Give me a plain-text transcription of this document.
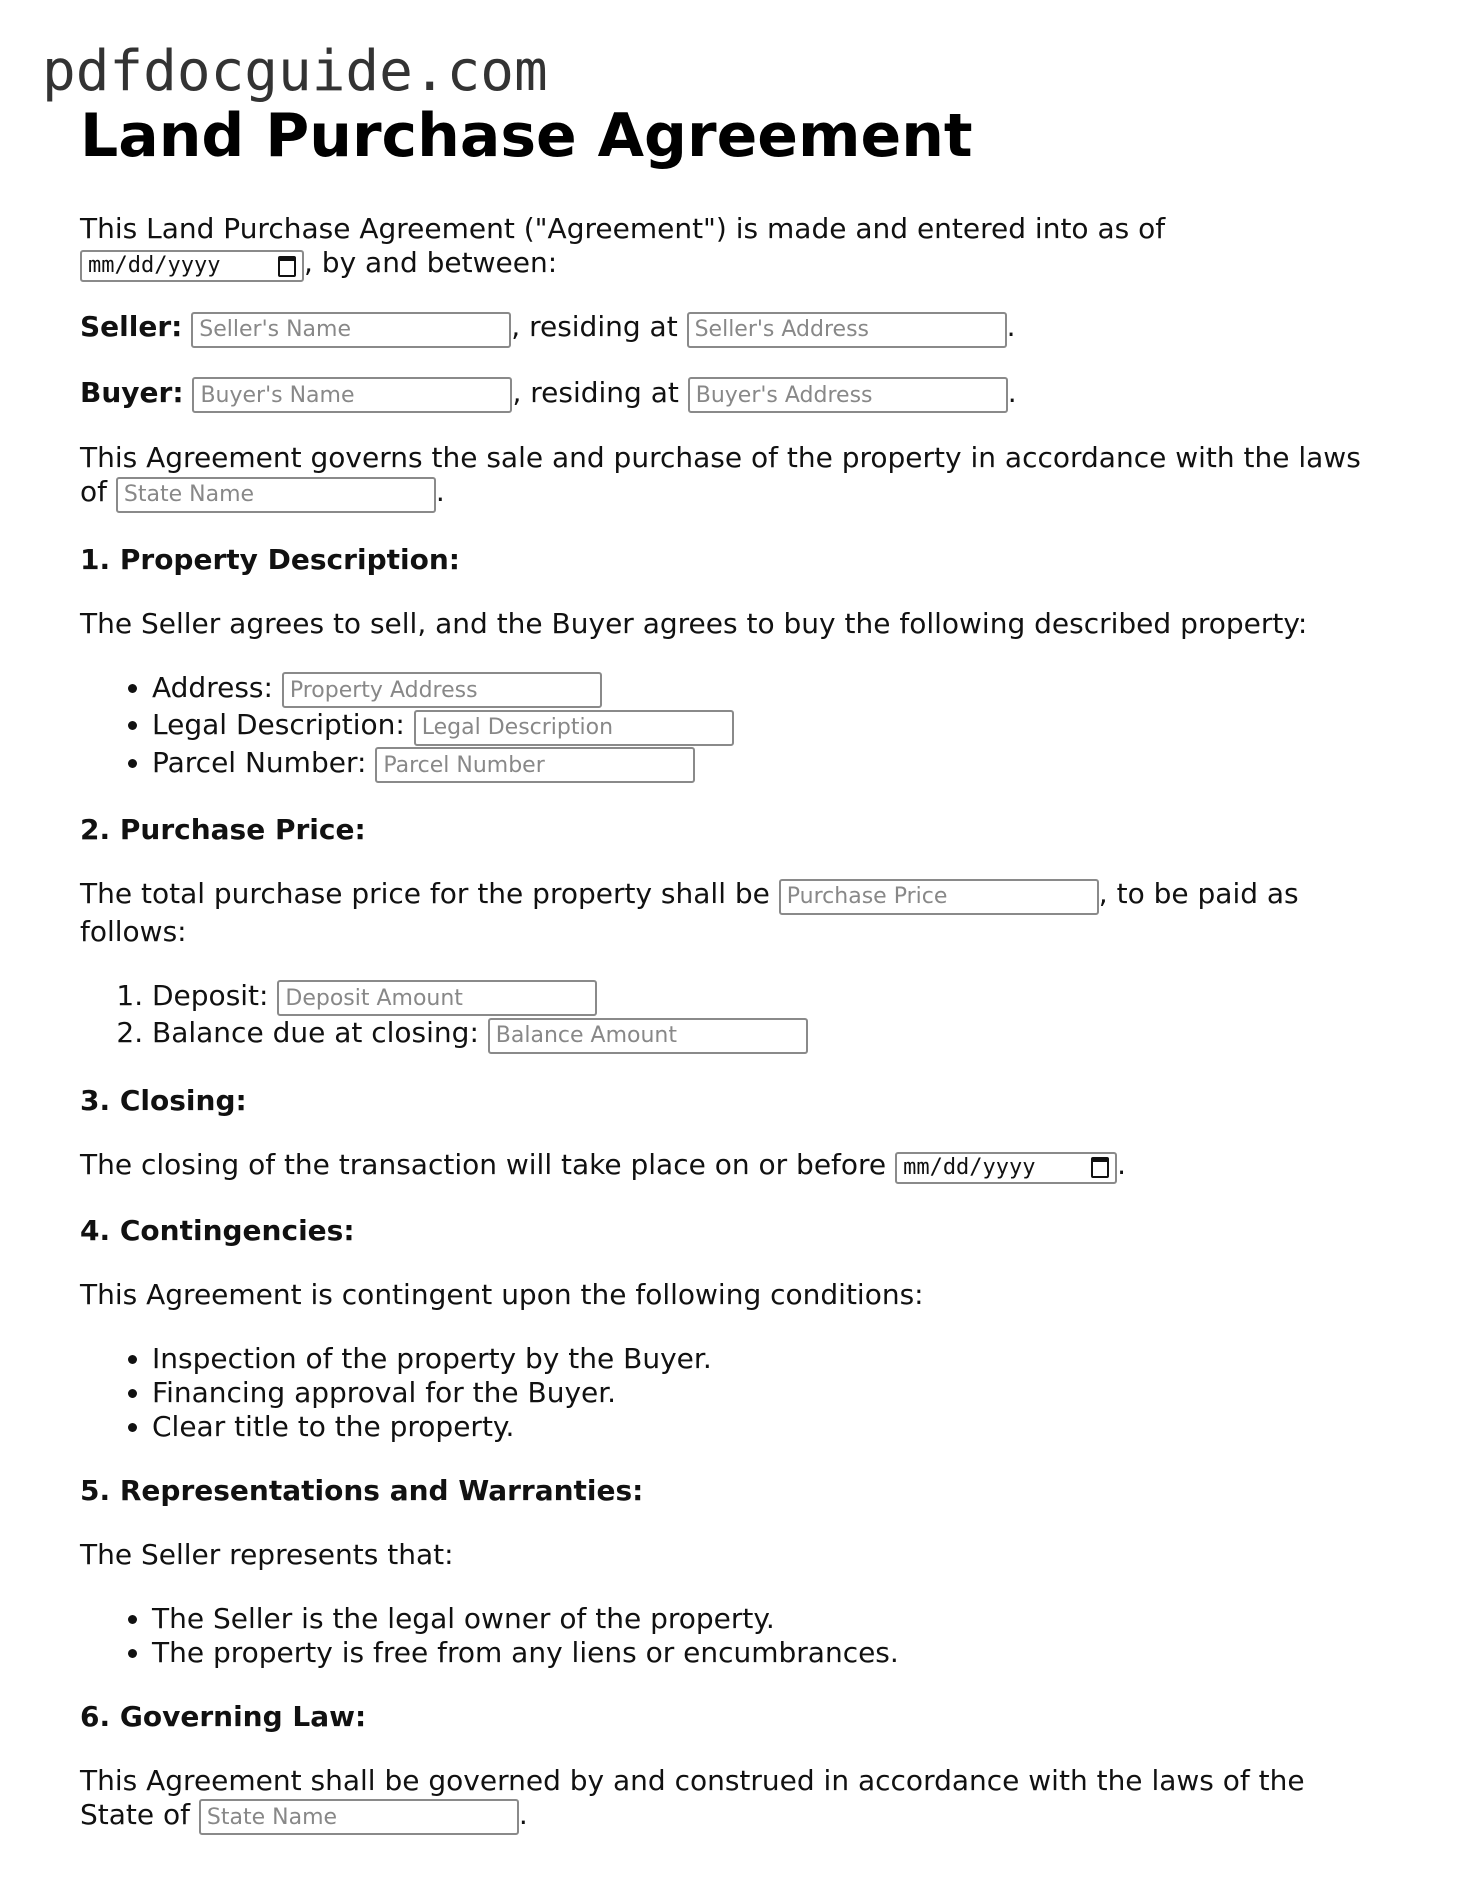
pdfdocguide.com
Land Purchase Agreement

This Land Purchase Agreement ("Agreement") is made and entered into as of

mm/dd/yyyy	, by and between:

Seller: Seller's Name	, residing at Seller's Address	.

Buyer: Buyer's Name	, residing at Buyer's Address	.

This Agreement governs the sale and purchase of the property in accordance with the laws of State Name	.

1. Property Description:

The Seller agrees to sell, and the Buyer agrees to buy the following described property:

• Address: Property Address
• Legal Description: Legal Description
• Parcel Number: Parcel Number
2. Purchase Price:

The total purchase price for the property shall be Purchase Price	, to be paid as follows:

1. Deposit: Deposit Amount
2. Balance due at closing: Balance Amount
3. Closing:

The closing of the transaction will take place on or before mm/dd/yyyy	.

4. Contingencies:

This Agreement is contingent upon the following conditions:

• Inspection of the property by the Buyer.
• Financing approval for the Buyer.
• Clear title to the property.
5. Representations and Warranties:

The Seller represents that:

• The Seller is the legal owner of the property.
• The property is free from any liens or encumbrances.
6. Governing Law:

This Agreement shall be governed by and construed in accordance with the laws of the State of State Name	.
